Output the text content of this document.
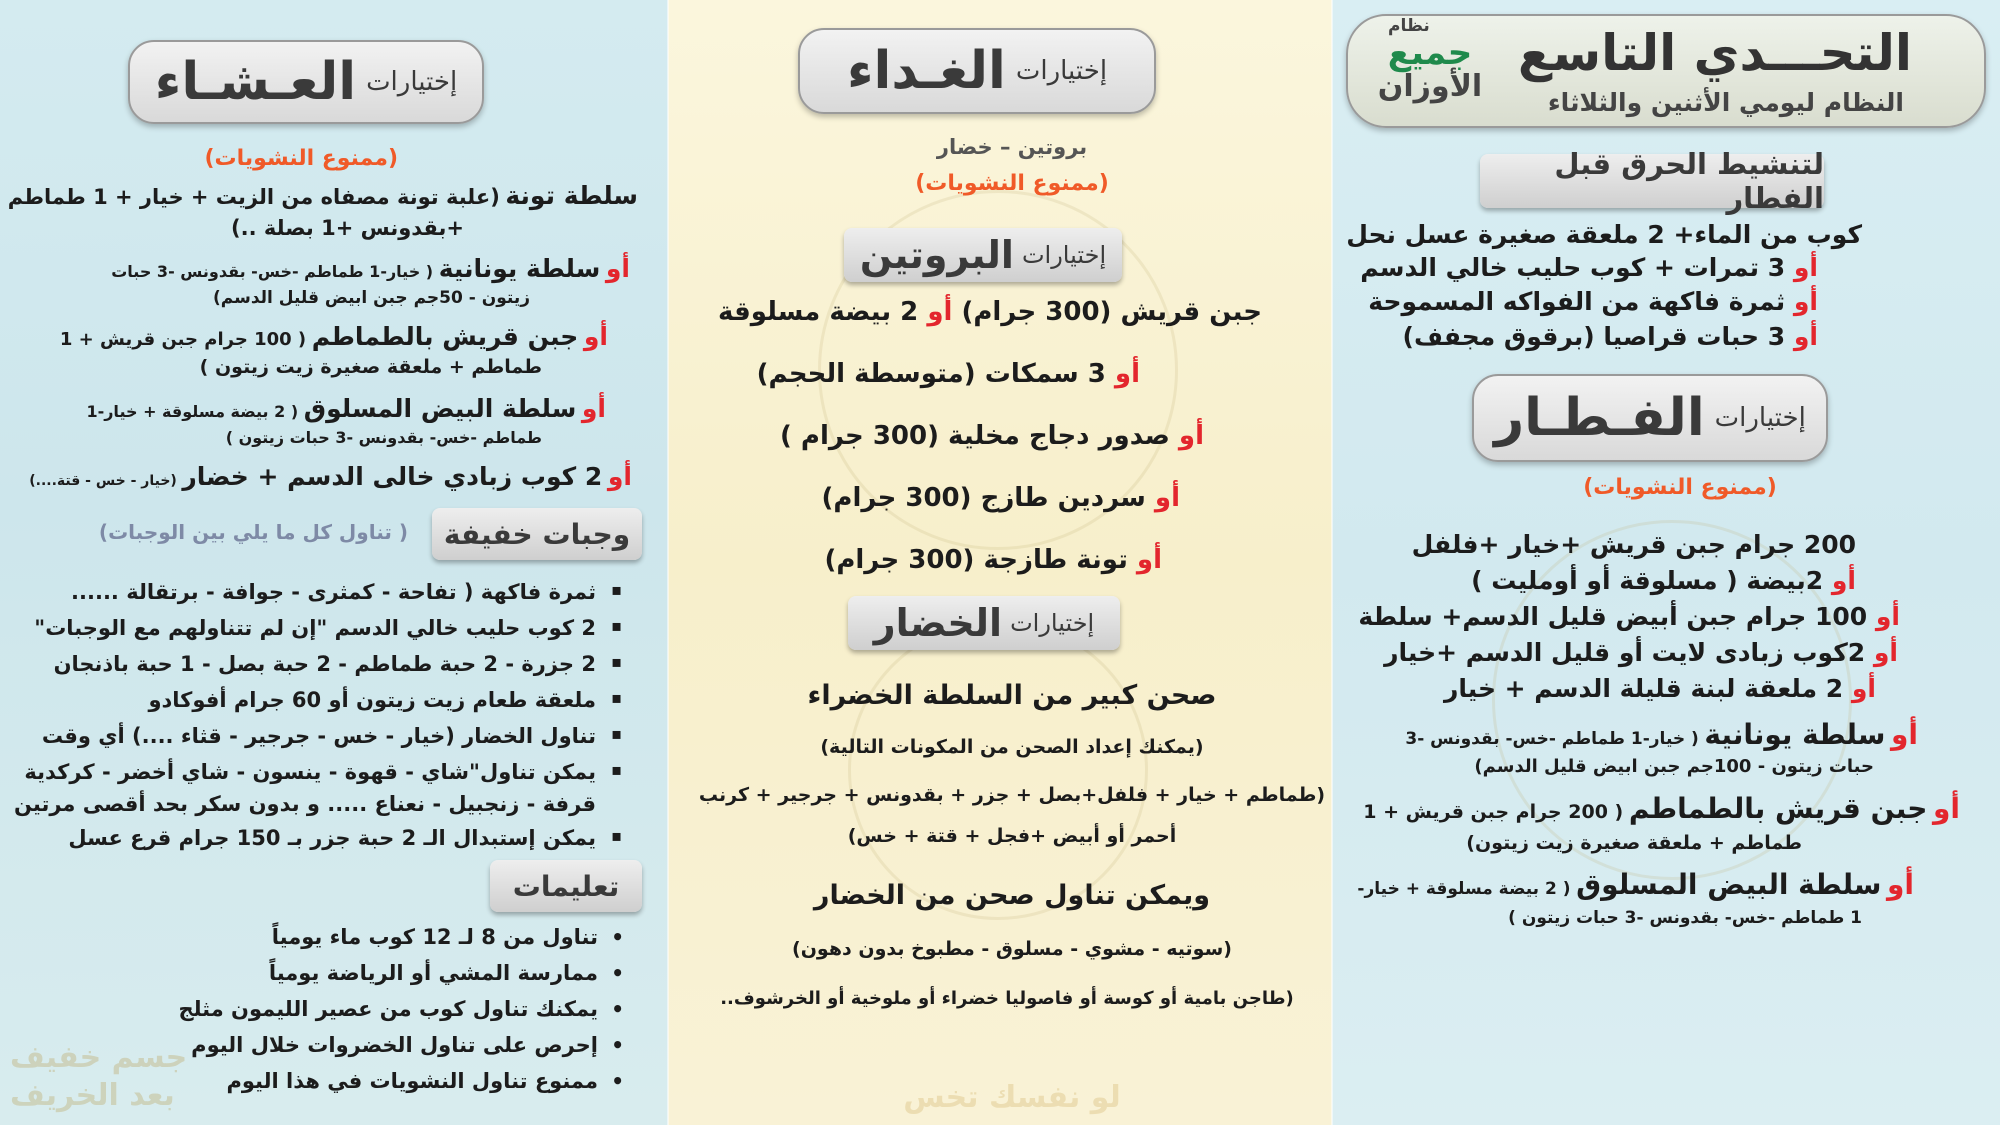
التحـــدي التاسع
النظام ليومي الأثنين والثلاثاء
نظام
جميع
الأوزان
لتنشيط الحرق قبل الفطار
كوب من الماء+ 2 ملعقة صغيرة عسل نحل
أو 3 تمرات + كوب حليب خالي الدسم
أو ثمرة فاكهة من الفواكه المسموحة
أو 3 حبات قراصيا (برقوق مجفف)
إختيارات
الفـطـار
(ممنوع النشويات)
200 جرام جبن قريش +خيار +فلفل
أو 2بيضة ( مسلوقة أو أومليت )
أو 100 جرام جبن أبيض قليل الدسم+ سلطة
أو 2كوب زبادى لايت أو قليل الدسم +خيار
أو 2 ملعقة لبنة قليلة الدسم + خيار
أو سلطة يونانية ( خيار-1 طماطم -خس- بقدونس -3
حبات زيتون - 100جم جبن ابيض قليل الدسم)
أو جبن قريش بالطماطم ( 200 جرام جبن قريش + 1
طماطم + ملعقة صغيرة زيت زيتون)
أو سلطة البيض المسلوق ( 2 بيضة مسلوقة + خيار-
1 طماطم -خس- بقدونس -3 حبات زيتون )
إختيارات
الغـداء
بروتين – خضار
(ممنوع النشويات)
إختيارات
البروتين
جبن قريش (300 جرام) أو 2 بيضة مسلوقة
أو 3 سمكات (متوسطة الحجم)
أو صدور دجاج مخلية (300 جرام )
أو سردين طازج (300 جرام)
أو تونة طازجة (300 جرام)
إختيارات
الخضار
صحن كبير من السلطة الخضراء
(يمكنك إعداد الصحن من المكونات التالية)
(طماطم + خيار + فلفل+بصل + جزر + بقدونس + جرجير + كرنب
أحمر أو أبيض +فجل + قتة + خس)
ويمكن تناول صحن من الخضار
(سوتيه - مشوي - مسلوق - مطبوخ بدون دهون)
(طاجن بامية أو كوسة أو فاصوليا خضراء أو ملوخية أو الخرشوف..
لو نفسك تخس
إختيارات
العـشـاء
(ممنوع النشويات)
سلطة تونة (علبة تونة مصفاه من الزيت + خيار + 1 طماطم
+بقدونس +1 بصلة ..)
أو سلطة يونانية ( خيار-1 طماطم -خس- بقدونس -3 حبات
زيتون - 50جم جبن ابيض قليل الدسم)
أو جبن قريش بالطماطم ( 100 جرام جبن قريش + 1
طماطم + ملعقة صغيرة زيت زيتون )
أو سلطة البيض المسلوق ( 2 بيضة مسلوقة + خيار-1
طماطم -خس- بقدونس -3 حبات زيتون )
أو 2 كوب زبادي خالى الدسم + خضار (خيار - خس - قتة....)
وجبات خفيفة
( تناول كل ما يلي بين الوجبات)
ثمرة فاكهة ( تفاحة - كمثرى - جوافة - برتقالة ...... ▪
2 كوب حليب خالي الدسم "إن لم تتناولهم مع الوجبات" ▪
2 جزرة - 2 حبة طماطم - 2 حبة بصل - 1 حبة باذنجان ▪
ملعقة طعام زيت زيتون أو 60 جرام أفوكادو ▪
تناول الخضار (خيار - خس - جرجير - قثاء ....) أي وقت ▪
يمكن تناول"شاي - قهوة - ينسون - شاي أخضر - كركدية ▪
قرفة - زنجبيل - نعناع ..... و بدون سكر بحد أقصى مرتين
يمكن إستبدال الـ 2 حبة جزر بـ 150 جرام قرع عسل ▪
تعليمات
تناول من 8 لـ 12 كوب ماء يومياً •
ممارسة المشي أو الرياضة يومياً •
يمكنك تناول كوب من عصير الليمون مثلج •
إحرص على تناول الخضروات خلال اليوم •
ممنوع تناول النشويات في هذا اليوم •
جسم خفيف
بعد الخريف
